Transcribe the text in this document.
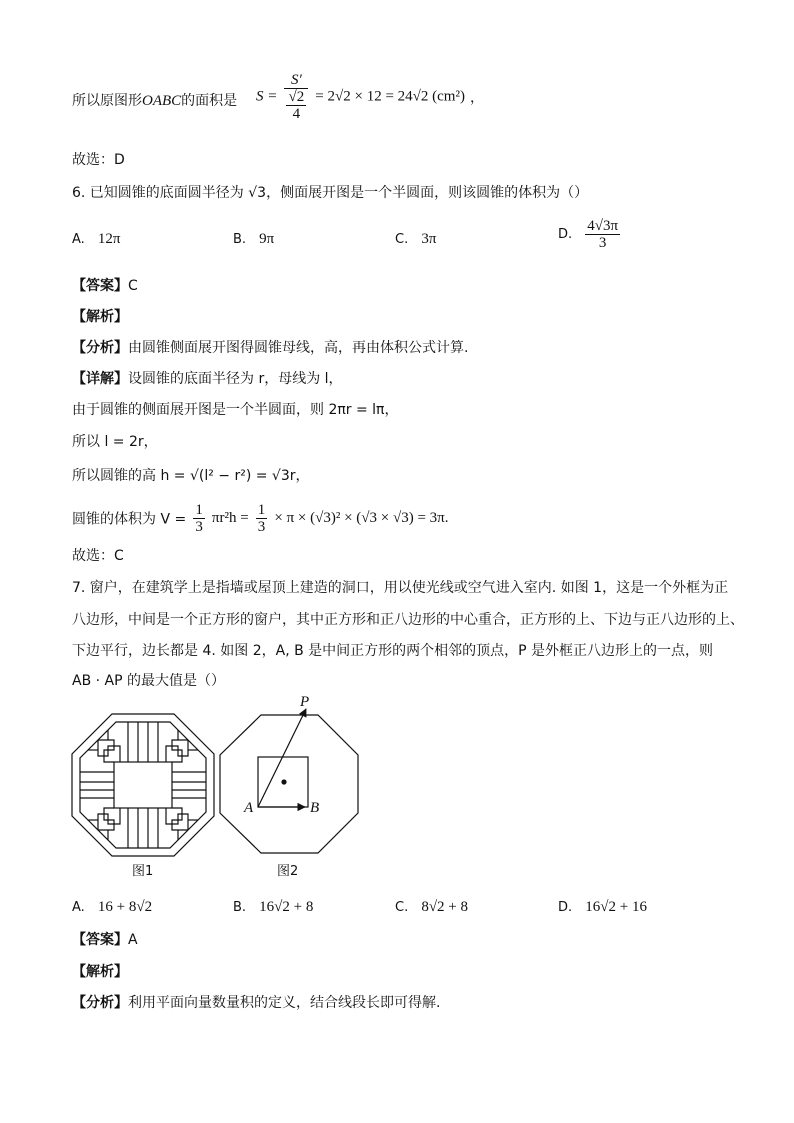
所以原图形OABC的面积是 $S = \frac{S'}{\frac{√2}{4}} = 2√2 \times 12 = 24√2$ (cm²) ，
故选：D
6. 已知圆锥的底面圆半径为 √3，侧面展开图是一个半圆面，则该圆锥的体积为（）
A. 12π	B. 9π	C. 3π	D. $\frac{4√3\pi}{3}$
【答案】C
【解析】
【分析】由圆锥侧面展开图得圆锥母线，高，再由体积公式计算.
【详解】设圆锥的底面半径为 r，母线为 l，
由于圆锥的侧面展开图是一个半圆面，则 2πr = lπ，
所以 l = 2r，
所以圆锥的高 h = √(l² − r²) = √3r，
圆锥的体积为 $V = \frac{1}{3} \pi r^2h = \frac{1}{3} \times \pi \times (√3)^2 \times (√3 \times √3) = 3\pi$.
故选：C
7. 窗户，在建筑学上是指墙或屋顶上建造的洞口，用以使光线或空气进入室内. 如图 1，这是一个外框为正
八边形，中间是一个正方形的窗户，其中正方形和正八边形的中心重合，正方形的上、下边与正八边形的上、
下边平行，边长都是 4. 如图 2，A, B 是中间正方形的两个相邻的顶点，P 是外框正八边形上的一点，则
AB · AP 的最大值是（）
图1
P
A	B
图2
A. 16 + 8√2	B. 16√2 + 8	C. 8√2 + 8	D. 16√2 + 16
【答案】A
【解析】
【分析】利用平面向量数量积的定义，结合线段长即可得解.
